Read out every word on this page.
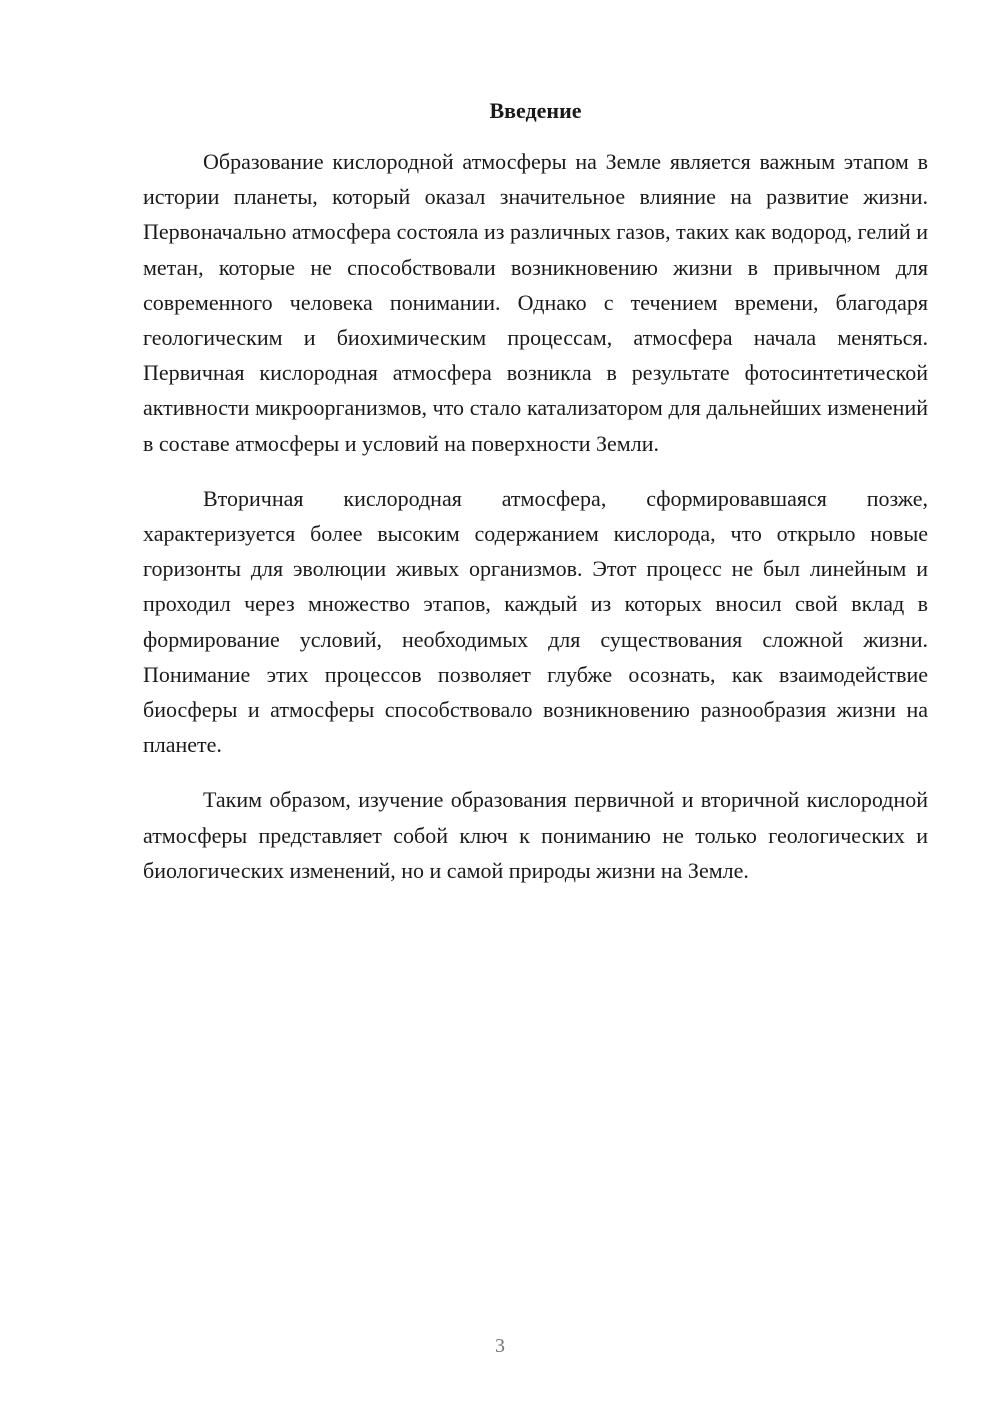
Введение

Образование кислородной атмосферы на Земле является важным этапом в истории планеты, который оказал значительное влияние на развитие жизни. Первоначально атмосфера состояла из различных газов, таких как водород, гелий и метан, которые не способствовали возникновению жизни в привычном для современного человека понимании. Однако с течением времени, благодаря геологическим и биохимическим процессам, атмосфера начала меняться. Первичная кислородная атмосфера возникла в результате фотосинтетической активности микроорганизмов, что стало катализатором для дальнейших изменений в составе атмосферы и условий на поверхности Земли.

Вторичная кислородная атмосфера, сформировавшаяся позже, характеризуется более высоким содержанием кислорода, что открыло новые горизонты для эволюции живых организмов. Этот процесс не был линейным и проходил через множество этапов, каждый из которых вносил свой вклад в формирование условий, необходимых для существования сложной жизни. Понимание этих процессов позволяет глубже осознать, как взаимодействие биосферы и атмосферы способствовало возникновению разнообразия жизни на планете.

Таким образом, изучение образования первичной и вторичной кислородной атмосферы представляет собой ключ к пониманию не только геологических и биологических изменений, но и самой природы жизни на Земле.

3
